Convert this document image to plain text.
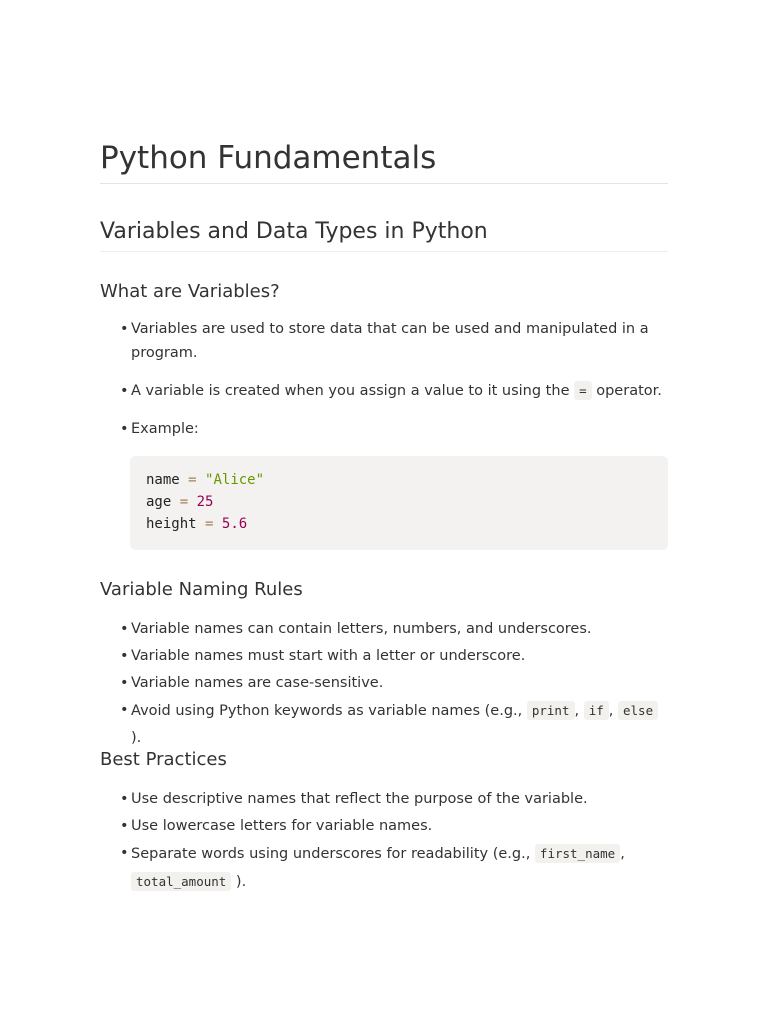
Python Fundamentals
Variables and Data Types in Python
What are Variables?
• Variables are used to store data that can be used and manipulated in a program.
• A variable is created when you assign a value to it using the = operator.
• Example:
name = "Alice"
age = 25
height = 5.6
Variable Naming Rules
• Variable names can contain letters, numbers, and underscores.
• Variable names must start with a letter or underscore.
• Variable names are case-sensitive.
• Avoid using Python keywords as variable names (e.g., print , if , else ).
Best Practices
• Use descriptive names that reflect the purpose of the variable.
• Use lowercase letters for variable names.
• Separate words using underscores for readability (e.g., first_name , total_amount ).
